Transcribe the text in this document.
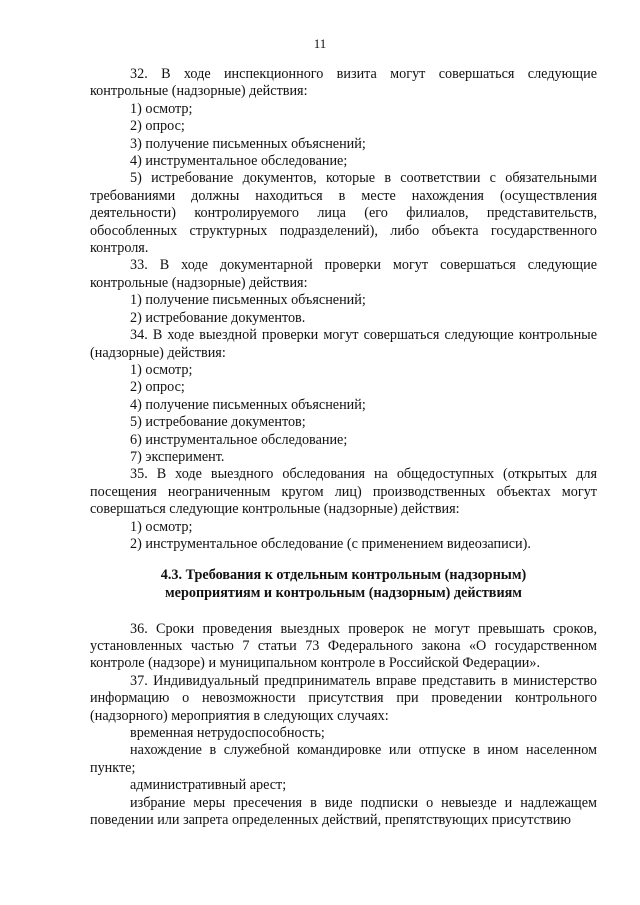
11

32. В ходе инспекционного визита могут совершаться следующие контрольные (надзорные) действия:

1) осмотр;

2) опрос;

3) получение письменных объяснений;

4) инструментальное обследование;

5) истребование документов, которые в соответствии с обязательными требованиями должны находиться в месте нахождения (осуществления деятельности) контролируемого лица (его филиалов, представительств, обособленных структурных подразделений), либо объекта государственного контроля.

33. В ходе документарной проверки могут совершаться следующие контрольные (надзорные) действия:

1) получение письменных объяснений;

2) истребование документов.

34. В ходе выездной проверки могут совершаться следующие контрольные (надзорные) действия:

1) осмотр;

2) опрос;

4) получение письменных объяснений;

5) истребование документов;

6) инструментальное обследование;

7) эксперимент.

35. В ходе выездного обследования на общедоступных (открытых для посещения неограниченным кругом лиц) производственных объектах могут совершаться следующие контрольные (надзорные) действия:

1) осмотр;

2) инструментальное обследование (с применением видеозаписи).

4.3. Требования к отдельным контрольным (надзорным)
мероприятиям и контрольным (надзорным) действиям

36. Сроки проведения выездных проверок не могут превышать сроков, установленных частью 7 статьи 73 Федерального закона «О государственном контроле (надзоре) и муниципальном контроле в Российской Федерации».

37. Индивидуальный предприниматель вправе представить в министерство информацию о невозможности присутствия при проведении контрольного (надзорного) мероприятия в следующих случаях:

временная нетрудоспособность;

нахождение в служебной командировке или отпуске в ином населенном пункте;

административный арест;

избрание меры пресечения в виде подписки о невыезде и надлежащем поведении или запрета определенных действий, препятствующих присутствию
